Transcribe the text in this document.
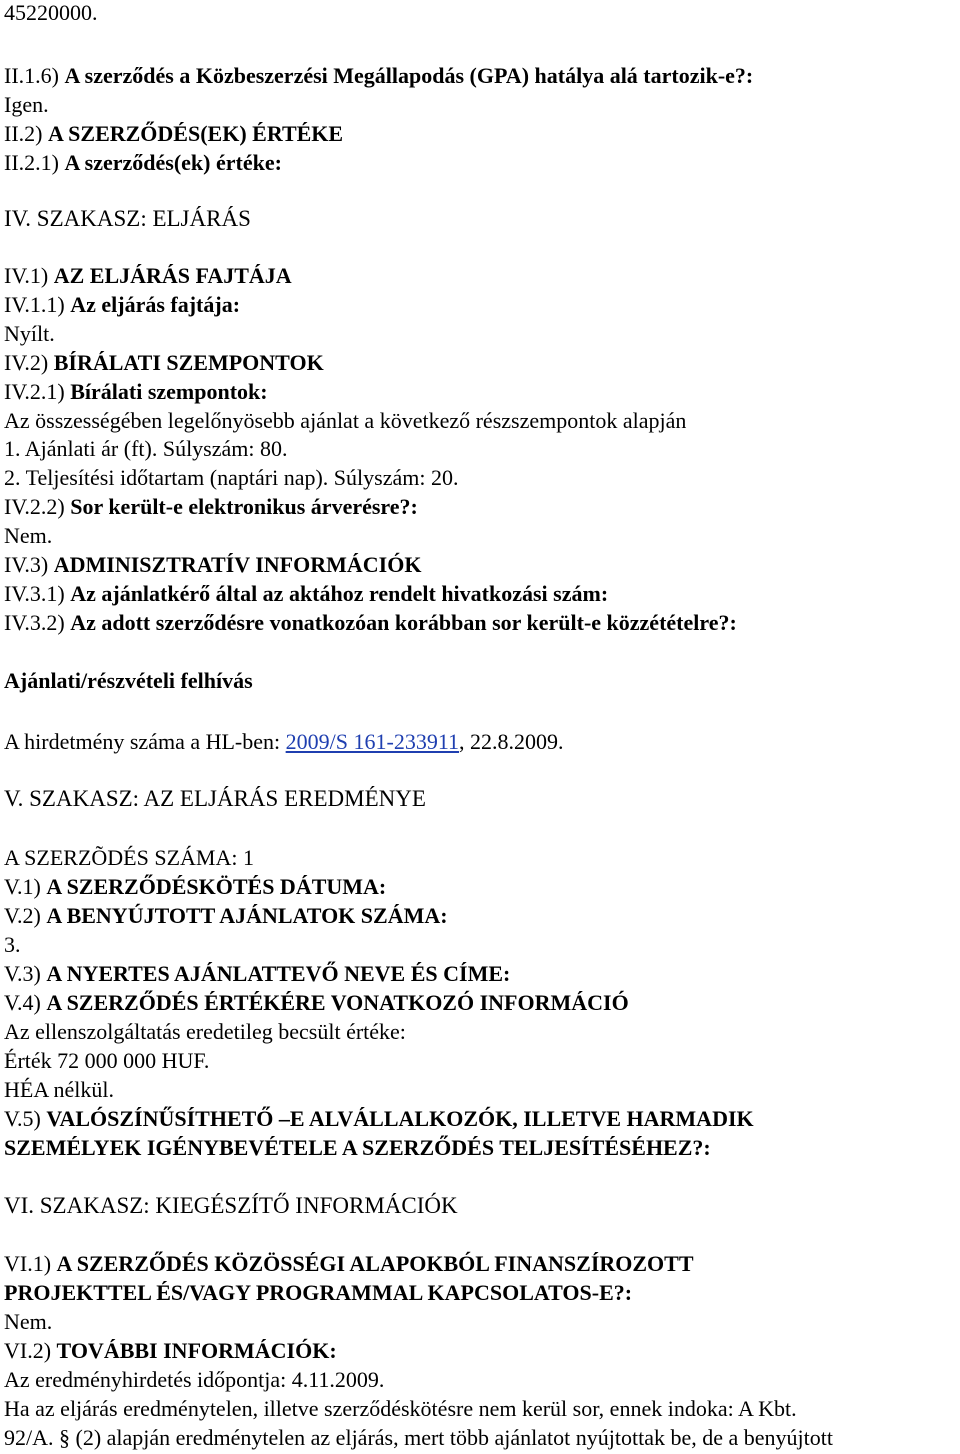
45220000.
II.1.6) A szerződés a Közbeszerzési Megállapodás (GPA) hatálya alá tartozik-e?:
Igen.
II.2) A SZERZŐDÉS(EK) ÉRTÉKE
II.2.1) A szerződés(ek) értéke:
IV. SZAKASZ: ELJÁRÁS
IV.1) AZ ELJÁRÁS FAJTÁJA
IV.1.1) Az eljárás fajtája:
Nyílt.
IV.2) BÍRÁLATI SZEMPONTOK
IV.2.1) Bírálati szempontok:
Az összességében legelőnyösebb ajánlat a következő részszempontok alapján
1. Ajánlati ár (ft). Súlyszám: 80.
2. Teljesítési időtartam (naptári nap). Súlyszám: 20.
IV.2.2) Sor került-e elektronikus árverésre?:
Nem.
IV.3) ADMINISZTRATÍV INFORMÁCIÓK
IV.3.1) Az ajánlatkérő által az aktához rendelt hivatkozási szám:
IV.3.2) Az adott szerződésre vonatkozóan korábban sor került-e közzétételre?:
Ajánlati/részvételi felhívás
A hirdetmény száma a HL-ben: 2009/S 161-233911, 22.8.2009.
V. SZAKASZ: AZ ELJÁRÁS EREDMÉNYE
A SZERZÕDÉS SZÁMA: 1
V.1) A SZERZŐDÉSKÖTÉS DÁTUMA:
V.2) A BENYÚJTOTT AJÁNLATOK SZÁMA:
3.
V.3) A NYERTES AJÁNLATTEVŐ NEVE ÉS CÍME:
V.4) A SZERZŐDÉS ÉRTÉKÉRE VONATKOZÓ INFORMÁCIÓ
Az ellenszolgáltatás eredetileg becsült értéke:
Érték 72 000 000 HUF.
HÉA nélkül.
V.5) VALÓSZÍNŰSÍTHETŐ –E ALVÁLLALKOZÓK, ILLETVE HARMADIK
SZEMÉLYEK IGÉNYBEVÉTELE A SZERZŐDÉS TELJESÍTÉSÉHEZ?:
VI. SZAKASZ: KIEGÉSZÍTŐ INFORMÁCIÓK
VI.1) A SZERZŐDÉS KÖZÖSSÉGI ALAPOKBÓL FINANSZÍROZOTT
PROJEKTTEL ÉS/VAGY PROGRAMMAL KAPCSOLATOS-E?:
Nem.
VI.2) TOVÁBBI INFORMÁCIÓK:
Az eredményhirdetés időpontja: 4.11.2009.
Ha az eljárás eredménytelen, illetve szerződéskötésre nem kerül sor, ennek indoka: A Kbt.
92/A. § (2) alapján eredménytelen az eljárás, mert több ajánlatot nyújtottak be, de a benyújtott
